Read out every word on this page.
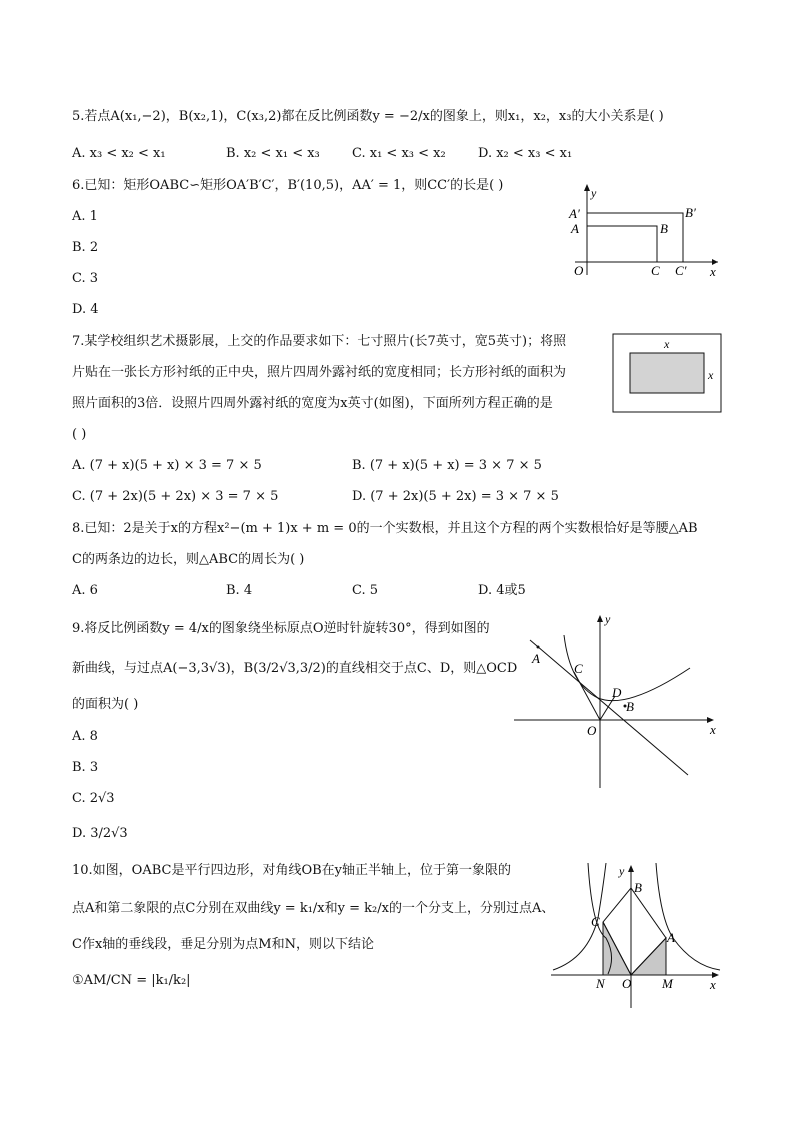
5.若点A(x₁,−2)，B(x₂,1)，C(x₃,2)都在反比例函数y = −2/x的图象上，则x₁，x₂，x₃的大小关系是( )
A. x₃ < x₂ < x₁	B. x₂ < x₁ < x₃ C. x₁ < x₃ < x₂ D. x₂ < x₃ < x₁
6.已知：矩形OABC∽矩形OA′B′C′，B′(10,5)，AA′ = 1，则CC′的长是( )
A. 1
B. 2
C. 3
D. 4
y
A′
A	B
B′
O	C C′ x
7.某学校组织艺术摄影展，上交的作品要求如下：七寸照片(长7英寸，宽5英寸)；将照
片贴在一张长方形衬纸的正中央，照片四周外露衬纸的宽度相同；长方形衬纸的面积为
照片面积的3倍．设照片四周外露衬纸的宽度为x英寸(如图)，下面所列方程正确的是
( )
A. (7 + x)(5 + x) × 3 = 7 × 5	B. (7 + x)(5 + x) = 3 × 7 × 5
C. (7 + 2x)(5 + 2x) × 3 = 7 × 5	D. (7 + 2x)(5 + 2x) = 3 × 7 × 5
x
x
8.已知：2是关于x的方程x²−(m + 1)x + m = 0的一个实数根，并且这个方程的两个实数根恰好是等腰△AB
C的两条边的边长，则△ABC的周长为( )
A. 6	B. 4	C. 5	D. 4或5
9.将反比例函数y = 4/x的图象绕坐标原点O逆时针旋转30°，得到如图的
新曲线，与过点A(−3,3√3)，B(3/2√3,3/2)的直线相交于点C、D，则△OCD
的面积为( )
A. 8
B. 3
C. 2√3
D. 3/2√3
y
A
C
D
B
O	x
10.如图，OABC是平行四边形，对角线OB在y轴正半轴上，位于第一象限的
点A和第二象限的点C分别在双曲线y = k₁/x和y = k₂/x的一个分支上，分别过点A、
C作x轴的垂线段，垂足分别为点M和N，则以下结论
①AM/CN = |k₁/k₂|
y
B
C
A
N O M	x
